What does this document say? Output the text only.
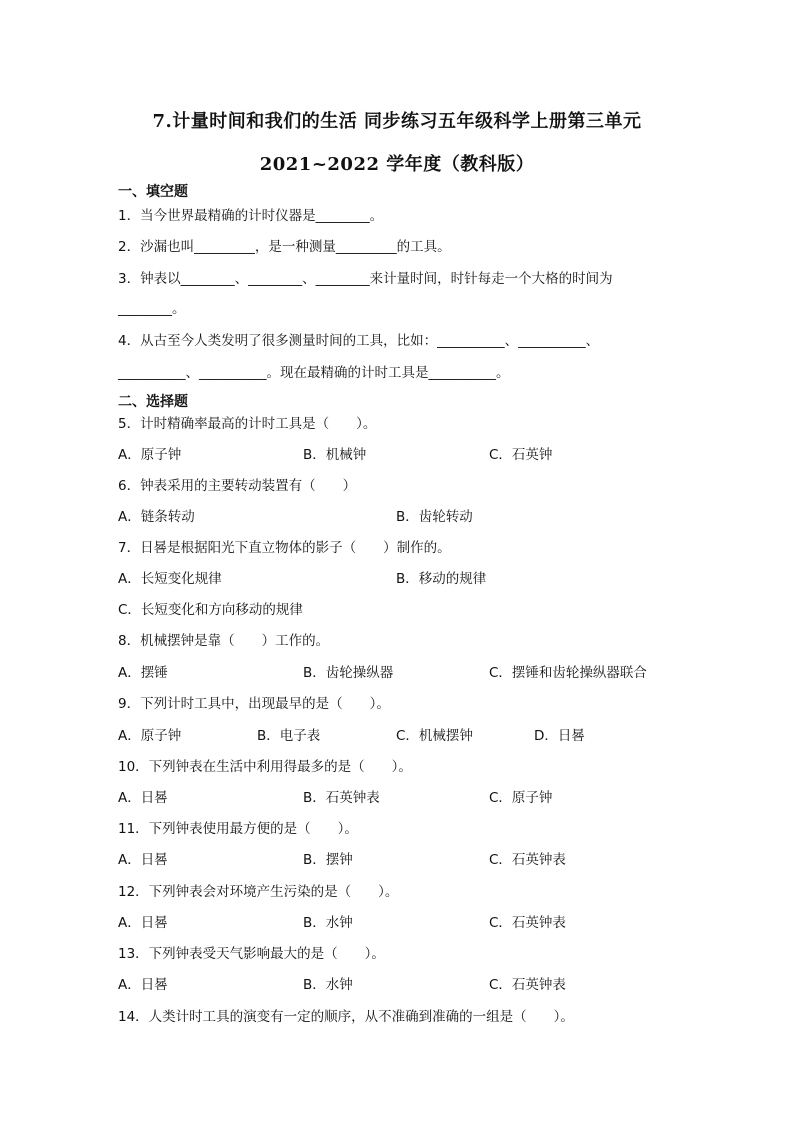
7.计量时间和我们的生活 同步练习五年级科学上册第三单元
2021~2022 学年度（教科版）
一、填空题
1．当今世界最精确的计时仪器是________。
2．沙漏也叫_________，是一种测量_________的工具。
3．钟表以________、________、________来计量时间，时针每走一个大格的时间为
________。
4．从古至今人类发明了很多测量时间的工具，比如：__________、__________、
__________、__________。现在最精确的计时工具是__________。
二、选择题
5．计时精确率最高的计时工具是（　　）。
A．原子钟	B．机械钟	C．石英钟
6．钟表采用的主要转动装置有（　　）
A．链条转动	B．齿轮转动
7．日晷是根据阳光下直立物体的影子（　　）制作的。
A．长短变化规律	B．移动的规律
C．长短变化和方向移动的规律
8．机械摆钟是靠（　　）工作的。
A．摆锤	B．齿轮操纵器	C．摆锤和齿轮操纵器联合
9．下列计时工具中，出现最早的是（　　）。
A．原子钟	B．电子表	C．机械摆钟	D．日晷
10．下列钟表在生活中利用得最多的是（　　）。
A．日晷	B．石英钟表	C．原子钟
11．下列钟表使用最方便的是（　　）。
A．日晷	B．摆钟	C．石英钟表
12．下列钟表会对环境产生污染的是（　　）。
A．日晷	B．水钟	C．石英钟表
13．下列钟表受天气影响最大的是（　　）。
A．日晷	B．水钟	C．石英钟表
14．人类计时工具的演变有一定的顺序，从不准确到准确的一组是（　　）。
